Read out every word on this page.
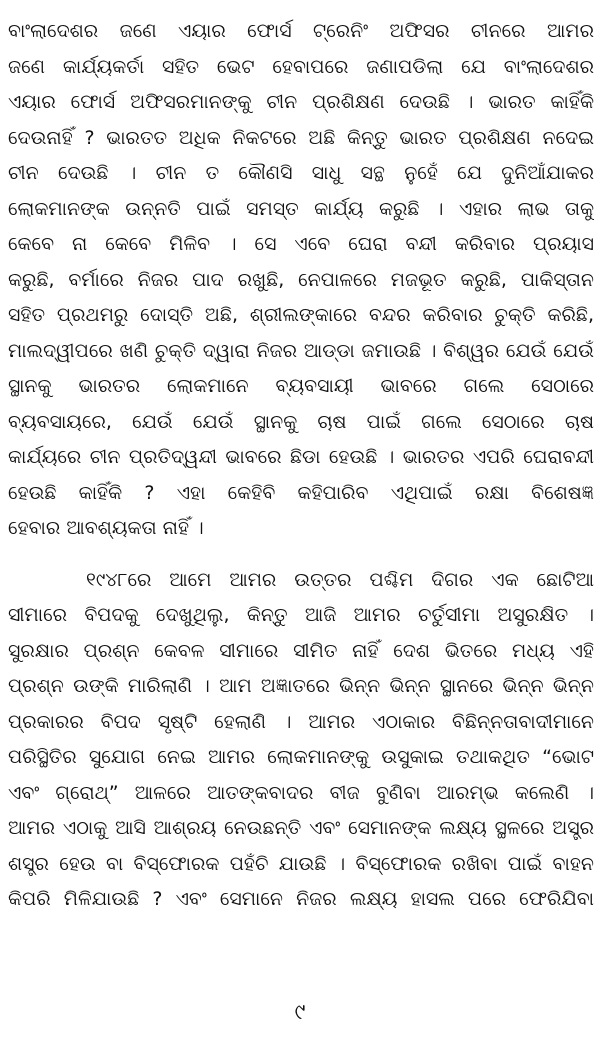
ବାଂଲାଦେଶର ଜଣେ ଏୟାର ଫୋର୍ସ ଟ୍ରେନିଂ ଅଫିସର ଚୀନରେ ଆମର
ଜଣେ କାର୍ଯ୍ୟକର୍ତା ସହିତ ଭେଟ ହେବାପରେ ଜଣାପଡିଲା ଯେ ବାଂଲାଦେଶର
ଏୟାର ଫୋର୍ସ ଅଫିସରମାନଙ୍କୁ ଚୀନ ପ୍ରଶିକ୍ଷଣ ଦେଉଛି । ଭାରତ କାହିଁକି
ଦେଉନାହିଁ ? ଭାରତତ ଅଧିକ ନିକଟରେ ଅଛି କିନ୍ତୁ ଭାରତ ପ୍ରଶିକ୍ଷଣ ନଦେଇ
ଚୀନ ଦେଉଛି । ଚୀନ ତ କୌଣସି ସାଧୁ ସନ୍ଥ ନୁହେଁ ଯେ ଦୁନିଆଁଯାକର
ଲୋକମାନଙ୍କ ଉନ୍ନତି ପାଇଁ ସମସ୍ତ କାର୍ଯ୍ୟ କରୁଛି । ଏହାର ଲାଭ ତାକୁ
କେବେ ନା କେବେ ମିଳିବ । ସେ ଏବେ ଘେରା ବନ୍ଦୀ କରିବାର ପ୍ରୟାସ
କରୁଛି, ବର୍ମାରେ ନିଜର ପାଦ ରଖୁଛି, ନେପାଳରେ ମଜଭୂତ କରୁଛି, ପାକିସ୍ତାନ
ସହିତ ପ୍ରଥମରୁ ଦୋସ୍ତି ଅଛି, ଶ୍ରୀଲଙ୍କାରେ ବନ୍ଦର କରିବାର ଚୁକ୍ତି କରିଛି,
ମାଲଦ୍ୱୀପରେ ଖଣି ଚୁକ୍ତି ଦ୍ୱାରା ନିଜର ଆଡ୍ଡା ଜମାଉଛି । ବିଶ୍ୱର ଯେଉଁ ଯେଉଁ
ସ୍ଥାନକୁ ଭାରତର ଲୋକମାନେ ବ୍ୟବସାୟୀ ଭାବରେ ଗଲେ ସେଠାରେ
ବ୍ୟବସାୟରେ, ଯେଉଁ ଯେଉଁ ସ୍ଥାନକୁ ଚାଷ ପାଇଁ ଗଲେ ସେଠାରେ ଚାଷ
କାର୍ଯ୍ୟରେ ଚୀନ ପ୍ରତିଦ୍ୱନ୍ଦୀ ଭାବରେ ଛିଡା ହେଉଛି । ଭାରତର ଏପରି ଘେରାବନ୍ଦୀ
ହେଉଛି କାହିଁକି ? ଏହା କେହିବି କହିପାରିବ ଏଥିପାଇଁ ରକ୍ଷା ବିଶେଷଜ୍ଞ
ହେବାର ଆବଶ୍ୟକତା ନାହିଁ ।
୧୯୪୮ରେ ଆମେ ଆମର ଉତ୍ତର ପଶ୍ଚିମ ଦିଗର ଏକ ଛୋଟିଆ
ସୀମାରେ ବିପଦକୁ ଦେଖୁଥିଲୁ, କିନ୍ତୁ ଆଜି ଆମର ଚର୍ତୁସୀମା ଅସୁରକ୍ଷିତ ।
ସୁରକ୍ଷାର ପ୍ରଶ୍ନ କେବଳ ସୀମାରେ ସୀମିତ ନାହିଁ ଦେଶ ଭିତରେ ମଧ୍ୟ ଏହି
ପ୍ରଶ୍ନ ଉଙ୍କି ମାରିଲାଣି । ଆମ ଅଜ୍ଞାତରେ ଭିନ୍ନ ଭିନ୍ନ ସ୍ଥାନରେ ଭିନ୍ନ ଭିନ୍ନ
ପ୍ରକାରର ବିପଦ ସୃଷ୍ଟି ହେଲାଣି । ଆମର ଏଠାକାର ବିଛିନ୍ନତାବାଦୀମାନେ
ପରିସ୍ଥିତିର ସୁଯୋଗ ନେଇ ଆମର ଲୋକମାନଙ୍କୁ ଉସୁକାଇ ତଥାକଥିତ “ଭୋଟ
ଏବଂ ଗ୍ରୋଥ୍” ଆଳରେ ଆତଙ୍କବାଦର ବୀଜ ବୁଣିବା ଆରମ୍ଭ କଲେଣି ।
ଆମର ଏଠାକୁ ଆସି ଆଶ୍ରୟ ନେଉଛନ୍ତି ଏବଂ ସେମାନଙ୍କ ଲକ୍ଷ୍ୟ ସ୍ଥଳରେ ଅସ୍ତ୍ର
ଶସ୍ତ୍ର ହେଉ ବା ବିସ୍ଫୋରକ ପହଁଚି ଯାଉଛି । ବିସ୍ଫୋରକ ରଖିବା ପାଇଁ ବାହନ
କିପରି ମିଳିଯାଉଛି ? ଏବଂ ସେମାନେ ନିଜର ଲକ୍ଷ୍ୟ ହାସଲ ପରେ ଫେରିଯିବା
୯
